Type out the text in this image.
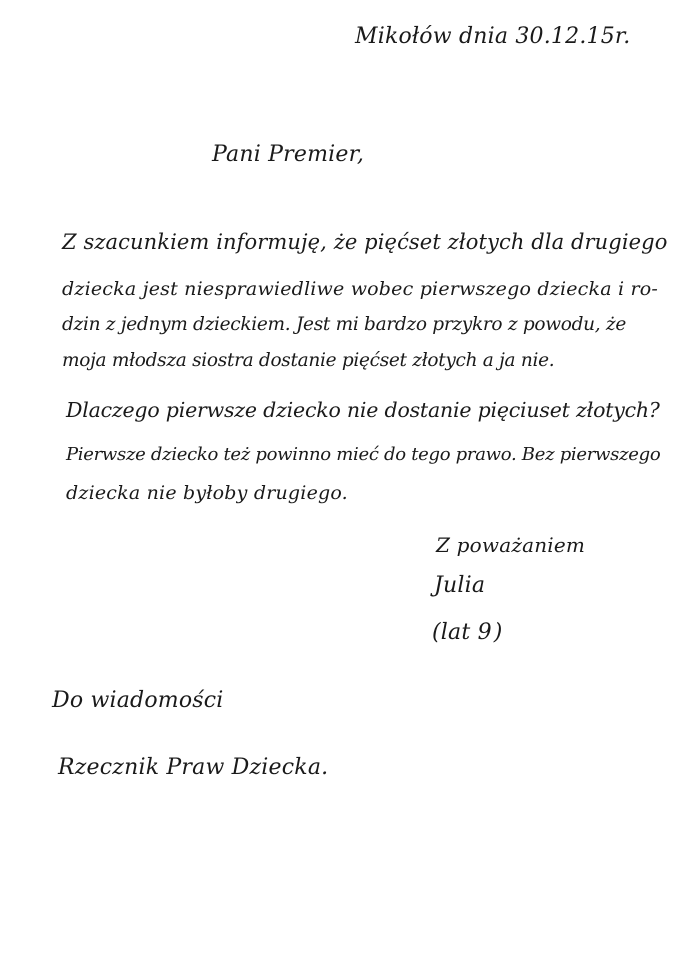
Mikołów dnia 30.12.15r.
Pani Premier,
Z szacunkiem informuję, że pięćset złotych dla drugiego
dziecka jest niesprawiedliwe wobec pierwszego dziecka i ro-
dzin z jednym dzieckiem. Jest mi bardzo przykro z powodu, że
moja młodsza siostra dostanie pięćset złotych a ja nie.
Dlaczego pierwsze dziecko nie dostanie pięciuset złotych?
Pierwsze dziecko też powinno mieć do tego prawo. Bez pierwszego
dziecka nie byłoby drugiego.
Z poważaniem
Julia
(lat 9)
Do wiadomości
Rzecznik Praw Dziecka.
